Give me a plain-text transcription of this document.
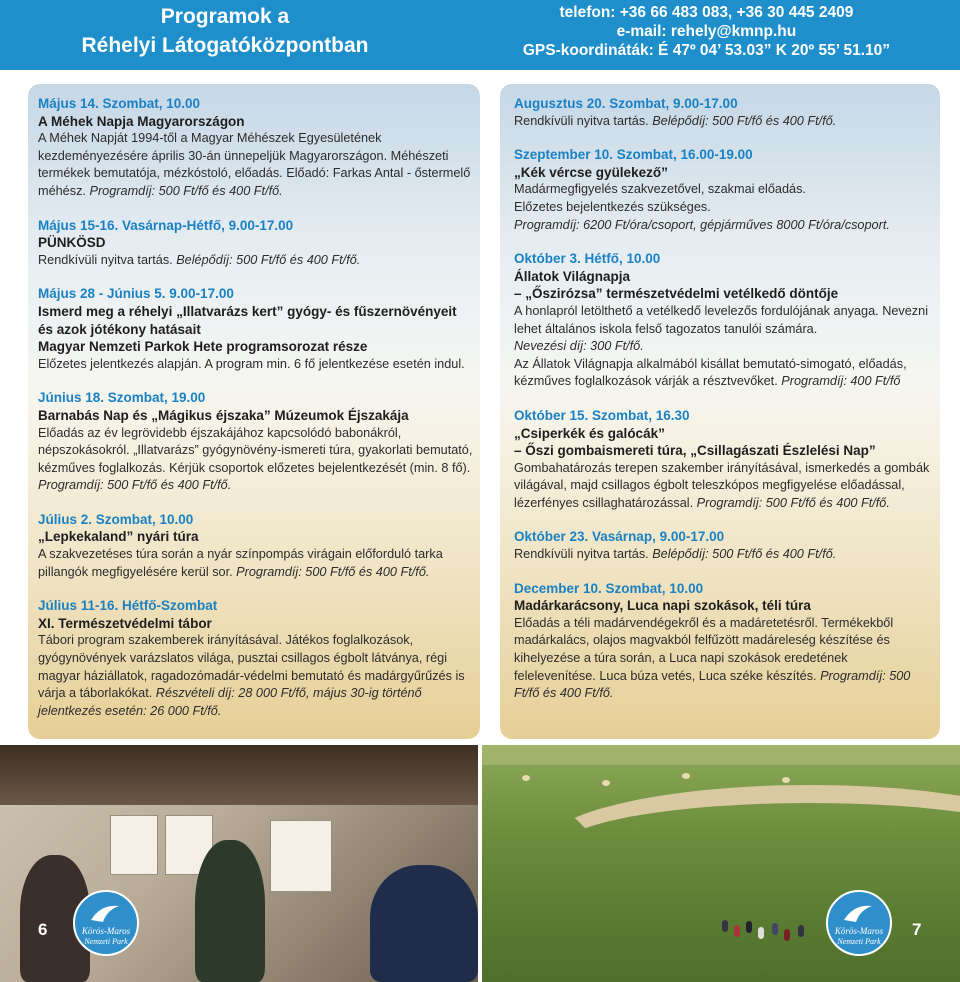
Programok a
Réhelyi Látogatóközpontban
telefon: +36 66 483 083, +36 30 445 2409
e-mail: rehely@kmnp.hu
GPS-koordináták: É 47º 04’ 53.03” K 20º 55’ 51.10”

Május 14. Szombat, 10.00

A Méhek Napja Magyarországon

A Méhek Napját 1994-től a Magyar Méhészek Egyesületének kezdeményezésére április 30-án ünnepeljük Magyarországon. Méhészeti termékek bemutatója, mézkóstoló, előadás. Előadó: Farkas Antal - őstermelő méhész. Programdíj: 500 Ft/fő és 400 Ft/fő.

Május 15-16. Vasárnap-Hétfő, 9.00-17.00

PÜNKÖSD

Rendkívüli nyitva tartás. Belépődíj: 500 Ft/fő és 400 Ft/fő.

Május 28 - Június 5. 9.00-17.00

Ismerd meg a réhelyi „Illatvarázs kert” gyógy- és fűszernövényeit és azok jótékony hatásait

Magyar Nemzeti Parkok Hete programsorozat része

Előzetes jelentkezés alapján. A program min. 6 fő jelentkezése esetén indul.

Június 18. Szombat, 19.00

Barnabás Nap és „Mágikus éjszaka” Múzeumok Éjszakája

Előadás az év legrövidebb éjszakájához kapcsolódó babonákról, népszokásokról. „Illatvarázs” gyógynövény-ismereti túra, gyakorlati bemutató, kézműves foglalkozás. Kérjük csoportok előzetes bejelentkezését (min. 8 fő). Programdíj: 500 Ft/fő és 400 Ft/fő.

Július 2. Szombat, 10.00

„Lepkekaland” nyári túra

A szakvezetéses túra során a nyár színpompás virágain előforduló tarka pillangók megfigyelésére kerül sor. Programdíj: 500 Ft/fő és 400 Ft/fő.

Július 11-16. Hétfő-Szombat

XI. Természetvédelmi tábor

Tábori program szakemberek irányításával. Játékos foglalkozások, gyógynövények varázslatos világa, pusztai csillagos égbolt látványa, régi magyar háziállatok, ragadozómadár-védelmi bemutató és madárgyűrűzés is várja a táborlakókat. Részvételi díj: 28 000 Ft/fő, május 30-ig történő jelentkezés esetén: 26 000 Ft/fő.

Augusztus 20. Szombat, 9.00-17.00

Rendkívüli nyitva tartás. Belépődíj: 500 Ft/fő és 400 Ft/fő.

Szeptember 10. Szombat, 16.00-19.00

„Kék vércse gyülekező”

Madármegfigyelés szakvezetővel, szakmai előadás.

Előzetes bejelentkezés szükséges.

Programdíj: 6200 Ft/óra/csoport, gépjárműves 8000 Ft/óra/csoport.

Október 3. Hétfő, 10.00

Állatok Világnapja

– „Őszirózsa” természetvédelmi vetélkedő döntője

A honlapról letölthető a vetélkedő levelezős fordulójának anyaga. Nevezni lehet általános iskola felső tagozatos tanulói számára.

Nevezési díj: 300 Ft/fő.

Az Állatok Világnapja alkalmából kisállat bemutató-simogató, előadás, kézműves foglalkozások várják a résztvevőket. Programdíj: 400 Ft/fő

Október 15. Szombat, 16.30

„Csiperkék és galócák”

– Őszi gombaismereti túra, „Csillagászati Észlelési Nap”

Gombahatározás terepen szakember irányításával, ismerkedés a gombák világával, majd csillagos égbolt teleszkópos megfigyelése előadással, lézerfényes csillaghatározással. Programdíj: 500 Ft/fő és 400 Ft/fő.

Október 23. Vasárnap, 9.00-17.00

Rendkívüli nyitva tartás. Belépődíj: 500 Ft/fő és 400 Ft/fő.

December 10. Szombat, 10.00

Madárkarácsony, Luca napi szokások, téli túra

Előadás a téli madárvendégekről és a madáretetésről. Termékekből madárkalács, olajos magvakból felfűzött madáreleség készítése és kihelyezése a túra során, a Luca napi szokások eredetének felelevenítése. Luca búza vetés, Luca széke készítés. Programdíj: 500 Ft/fő és 400 Ft/fő.

6	Körös-Maros
Nemzeti Park
7
Körös-Maros
Nemzeti Park
